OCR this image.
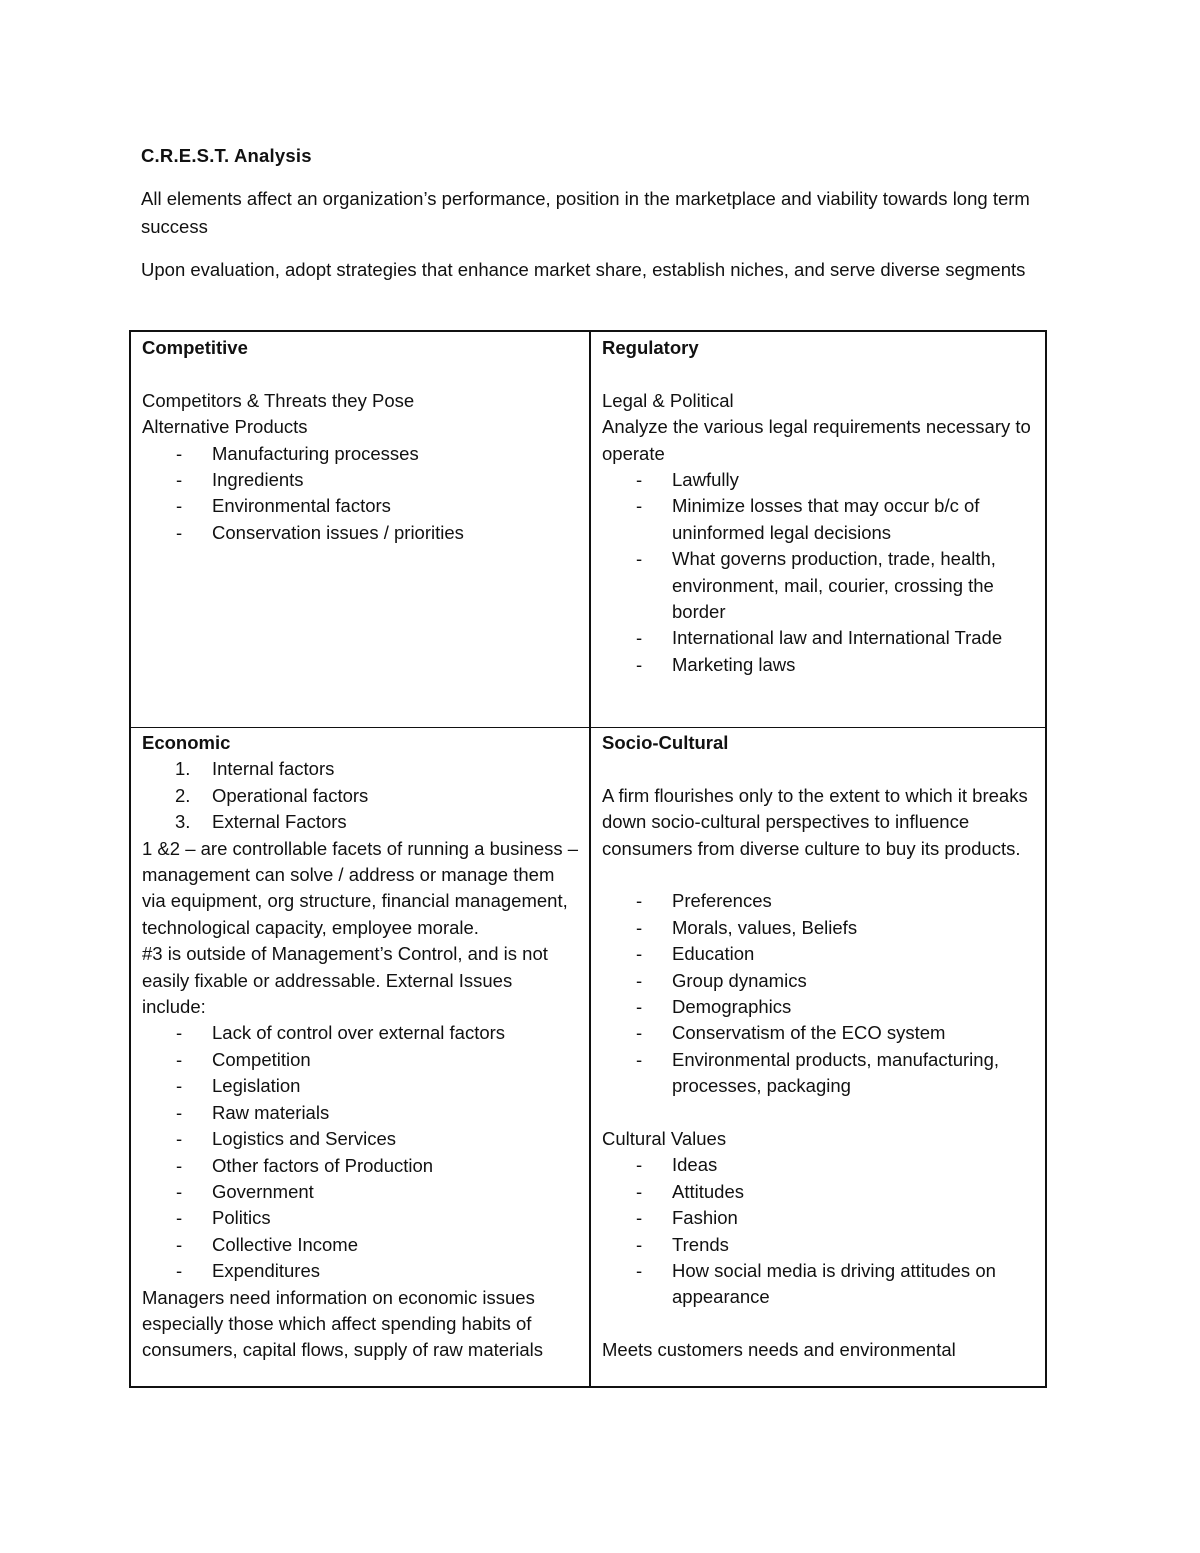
C.R.E.S.T. Analysis

All elements affect an organization’s performance, position in the marketplace and viability towards long term success

Upon evaluation, adopt strategies that enhance market share, establish niches, and serve diverse segments

Competitive
Competitors & Threats they Pose
Alternative Products
- Manufacturing processes
- Ingredients
- Environmental factors
- Conservation issues / priorities
Regulatory
Legal & Political
Analyze the various legal requirements necessary to operate
- Lawfully
- Minimize losses that may occur b/c of uninformed legal decisions
- What governs production, trade, health, environment, mail, courier, crossing the border
- International law and International Trade
- Marketing laws
Economic
1. Internal factors
2. Operational factors
3. External Factors
1 &2 – are controllable facets of running a business – management can solve / address or manage them via equipment, org structure, financial management, technological capacity, employee morale.
#3 is outside of Management’s Control, and is not easily fixable or addressable. External Issues include:
- Lack of control over external factors
- Competition
- Legislation
- Raw materials
- Logistics and Services
- Other factors of Production
- Government
- Politics
- Collective Income
- Expenditures
Managers need information on economic issues especially those which affect spending habits of consumers, capital flows, supply of raw materials
Socio-Cultural
A firm flourishes only to the extent to which it breaks down socio-cultural perspectives to influence consumers from diverse culture to buy its products.
- Preferences
- Morals, values, Beliefs
- Education
- Group dynamics
- Demographics
- Conservatism of the ECO system
- Environmental products, manufacturing, processes, packaging
Cultural Values
- Ideas
- Attitudes
- Fashion
- Trends
- How social media is driving attitudes on appearance
Meets customers needs and environmental
